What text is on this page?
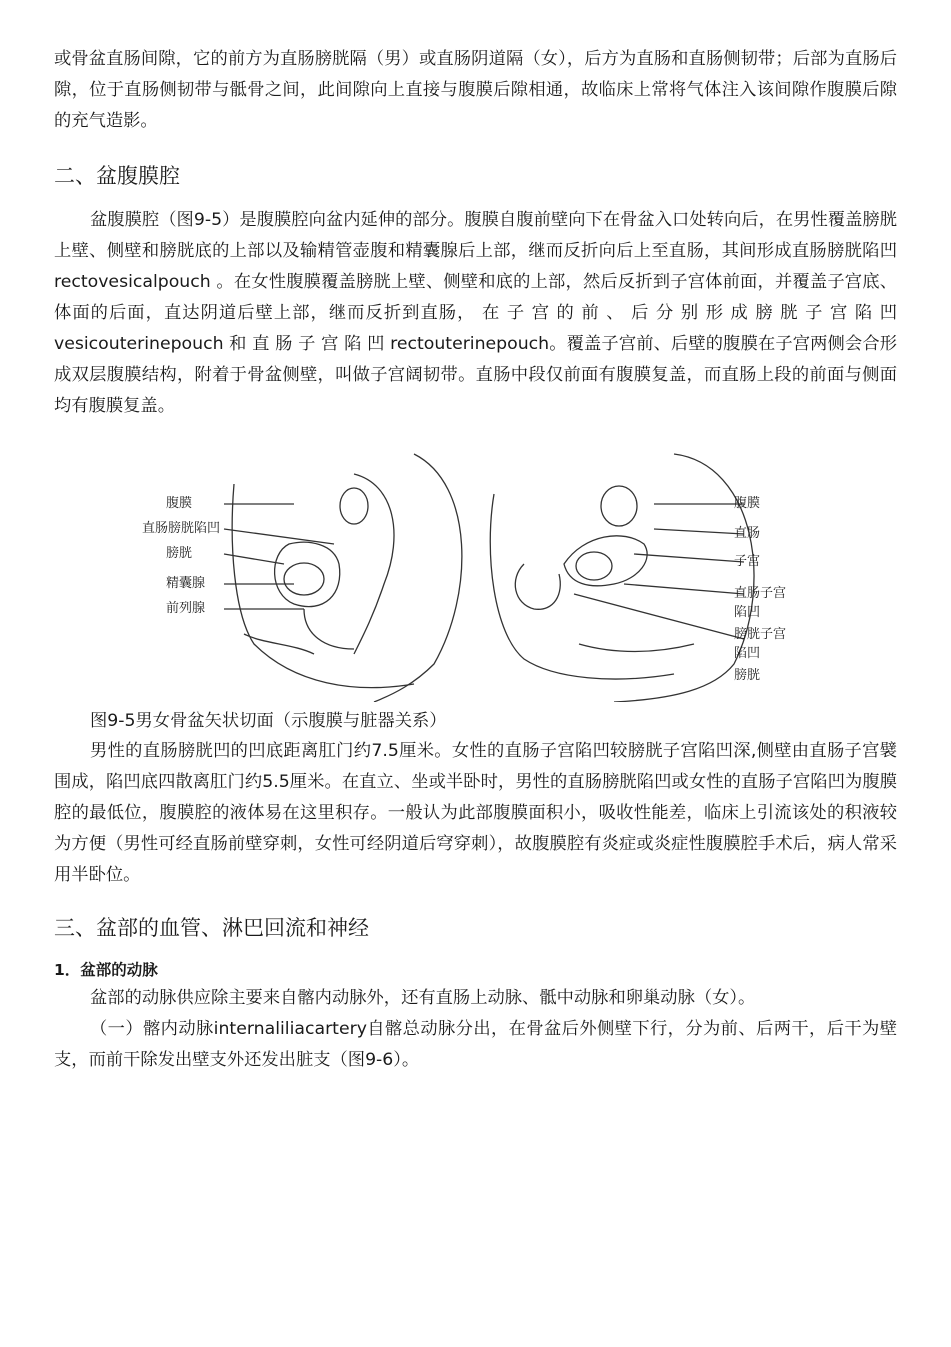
或骨盆直肠间隙，它的前方为直肠膀胱隔（男）或直肠阴道隔（女），后方为直肠和直肠侧韧带；后部为直肠后隙，位于直肠侧韧带与骶骨之间，此间隙向上直接与腹膜后隙相通，故临床上常将气体注入该间隙作腹膜后隙的充气造影。

二、盆腹膜腔

盆腹膜腔（图9-5）是腹膜腔向盆内延伸的部分。腹膜自腹前壁向下在骨盆入口处转向后，在男性覆盖膀胱上壁、侧壁和膀胱底的上部以及输精管壶腹和精囊腺后上部，继而反折向后上至直肠，其间形成直肠膀胱陷凹rectovesicalpouch 。在女性腹膜覆盖膀胱上壁、侧壁和底的上部，然后反折到子宫体前面，并覆盖子宫底、体面的后面，直达阴道后壁上部，继而反折到直肠， 在 子 宫 的 前 、 后 分 别 形 成 膀 胱 子 宫 陷 凹 vesicouterinepouch 和 直 肠 子 宫 陷 凹 rectouterinepouch。覆盖子宫前、后壁的腹膜在子宫两侧会合形成双层腹膜结构，附着于骨盆侧壁，叫做子宫阔韧带。直肠中段仅前面有腹膜复盖，而直肠上段的前面与侧面均有腹膜复盖。

腹膜
直肠膀胱陷凹
膀胱
精囊腺
前列腺
腹膜
直肠
子宫
直肠子宫
陷凹
膀胱子宫
陷凹
膀胱

图9-5男女骨盆矢状切面（示腹膜与脏器关系）

男性的直肠膀胱凹的凹底距离肛门约7.5厘米。女性的直肠子宫陷凹较膀胱子宫陷凹深,侧壁由直肠子宫襞围成，陷凹底四散离肛门约5.5厘米。在直立、坐或半卧时，男性的直肠膀胱陷凹或女性的直肠子宫陷凹为腹膜腔的最低位，腹膜腔的液体易在这里积存。一般认为此部腹膜面积小，吸收性能差，临床上引流该处的积液较为方便（男性可经直肠前壁穿刺，女性可经阴道后穹穿刺），故腹膜腔有炎症或炎症性腹膜腔手术后，病人常采用半卧位。

三、盆部的血管、淋巴回流和神经
1．盆部的动脉

盆部的动脉供应除主要来自髂内动脉外，还有直肠上动脉、骶中动脉和卵巢动脉（女）。

（一）髂内动脉internaliliacartery自髂总动脉分出，在骨盆后外侧壁下行，分为前、后两干，后干为壁支，而前干除发出壁支外还发出脏支（图9-6）。
